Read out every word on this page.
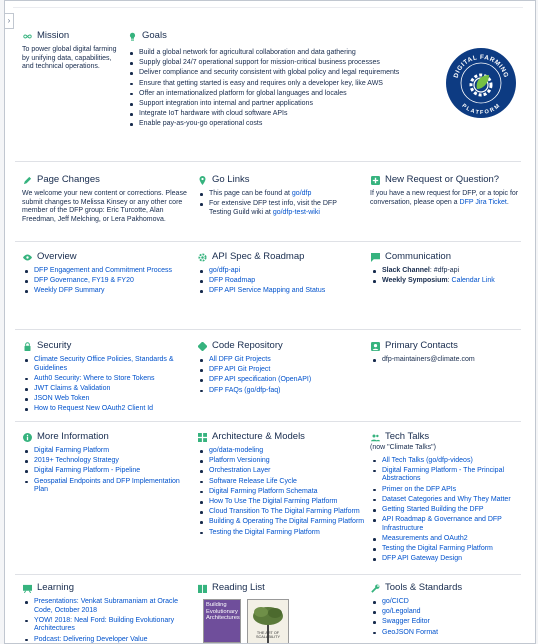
›
Mission

To power global digital farming by unifying data, capabilities, and technical operations.

Goals
Build a global network for agricultural collaboration and data gathering
Supply global 24/7 operational support for mission-critical business processes
Deliver compliance and security consistent with global policy and legal requirements
Ensure that getting started is easy and requires only a developer key, like AWS
Offer an internationalized platform for global languages and locales
Support integration into internal and partner applications
Integrate IoT hardware with cloud software APIs
Enable pay-as-you-go operational costs
DIGITAL FARMING
PLATFORM
Page Changes

We welcome your new content or corrections. Please submit changes to Melissa Kinsey or any other core member of the DFP group: Eric Turcotte, Alan Freedman, Jeff Melching, or Lera Pakhomova.

Go Links
This page can be found at go/dfp
For extensive DFP test info, visit the DFP Testing Guild wiki at go/dfp-test-wiki
New Request or Question?

If you have a new request for DFP, or a topic for conversation, please open a DFP Jira Ticket.

Overview
DFP Engagement and Commitment Process
DFP Governance, FY19 & FY20
Weekly DFP Summary
API Spec & Roadmap
go/dfp-api
DFP Roadmap
DFP API Service Mapping and Status
Communication
Slack Channel: #dfp-api
Weekly Symposium: Calendar Link
Security
Climate Security Office Policies, Standards & Guidelines
Auth0 Security: Where to Store Tokens
JWT Claims & Validation
JSON Web Token
How to Request New OAuth2 Client Id
Code Repository
All DFP Git Projects
DFP API Git Project
DFP API specification (OpenAPI)
DFP FAQs (go/dfp-faq)
Primary Contacts
dfp-maintainers@climate.com
More Information
Digital Farming Platform
2019+ Technology Strategy
Digital Farming Platform - Pipeline
Geospatial Endpoints and DFP Implementation Plan
Architecture & Models
go/data-modeling
Platform Versioning
Orchestration Layer
Software Release Life Cycle
Digital Farming Platform Schemata
How To Use The Digital Farming Platform
Cloud Transition To The Digital Farming Platform
Building & Operating The Digital Farming Platform
Testing the Digital Farming Platform
Tech Talks

(now "Climate Talks")

All Tech Talks (go/dfp-videos)
Digital Farming Platform - The Principal Abstractions
Primer on the DFP APIs
Dataset Categories and Why They Matter
Getting Started Building the DFP
API Roadmap & Governance and DFP Infrastructure
Measurements and OAuth2
Testing the Digital Farming Platform
DFP API Gateway Design
Learning
Presentations: Venkat Subramaniam at Oracle Code, October 2018
YOW! 2018: Neal Ford: Building Evolutionary Architectures
Podcast: Delivering Developer Value
Reading List
Building Evolutionary Architectures
THE ART OF SCALABILITY
Tools & Standards
go/CICD
go/Legoland
Swagger Editor
GeoJSON Format
